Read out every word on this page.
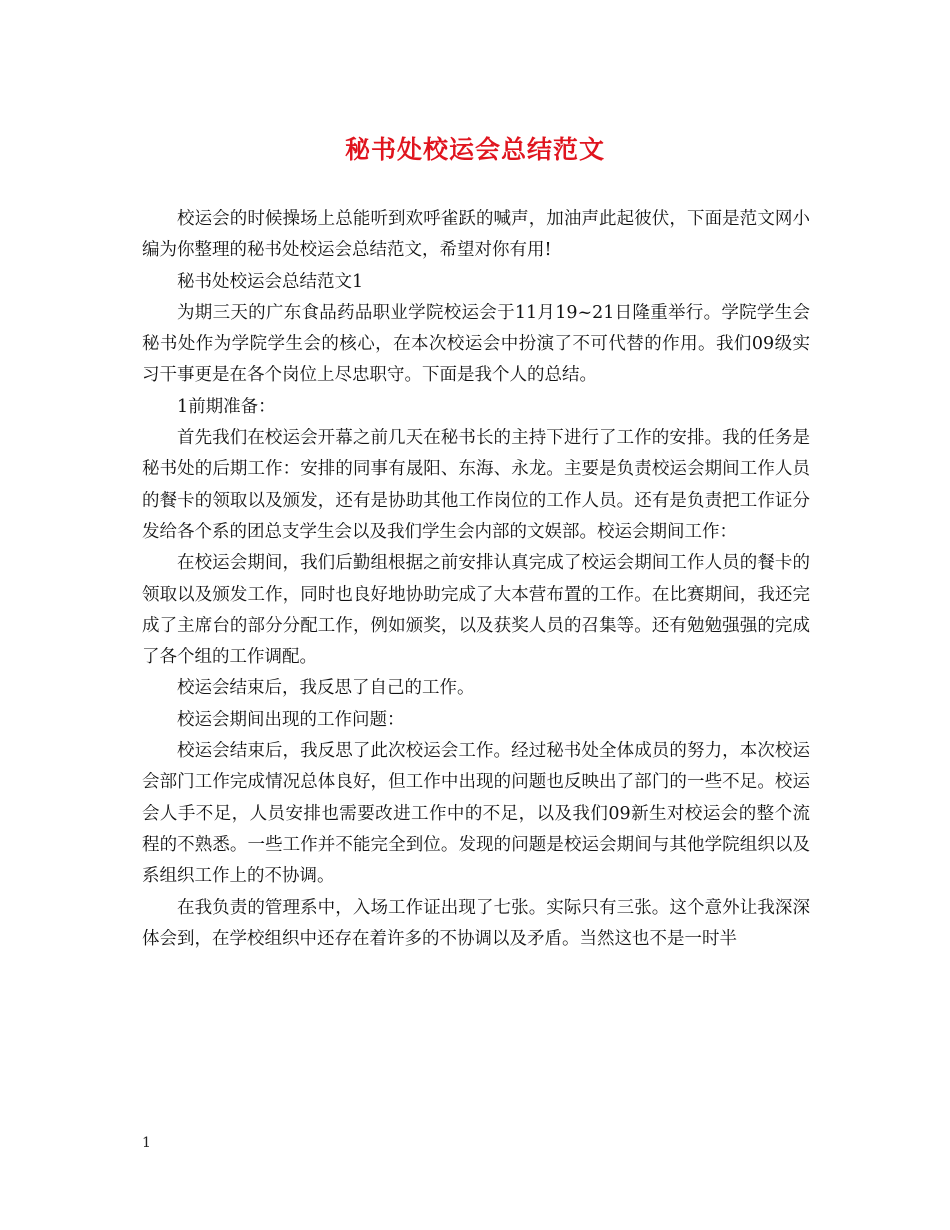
秘书处校运会总结范文

校运会的时候操场上总能听到欢呼雀跃的喊声，加油声此起彼伏，下面是范文网小编为你整理的秘书处校运会总结范文，希望对你有用!

秘书处校运会总结范文1

为期三天的广东食品药品职业学院校运会于11月19~21日隆重举行。学院学生会秘书处作为学院学生会的核心，在本次校运会中扮演了不可代替的作用。我们09级实习干事更是在各个岗位上尽忠职守。下面是我个人的总结。

1前期准备：

首先我们在校运会开幕之前几天在秘书长的主持下进行了工作的安排。我的任务是秘书处的后期工作：安排的同事有晟阳、东海、永龙。主要是负责校运会期间工作人员的餐卡的领取以及颁发，还有是协助其他工作岗位的工作人员。还有是负责把工作证分发给各个系的团总支学生会以及我们学生会内部的文娱部。校运会期间工作：

在校运会期间，我们后勤组根据之前安排认真完成了校运会期间工作人员的餐卡的领取以及颁发工作，同时也良好地协助完成了大本营布置的工作。在比赛期间，我还完成了主席台的部分分配工作，例如颁奖，以及获奖人员的召集等。还有勉勉强强的完成了各个组的工作调配。

校运会结束后，我反思了自己的工作。

校运会期间出现的工作问题：

校运会结束后，我反思了此次校运会工作。经过秘书处全体成员的努力，本次校运会部门工作完成情况总体良好，但工作中出现的问题也反映出了部门的一些不足。校运会人手不足，人员安排也需要改进工作中的不足，以及我们09新生对校运会的整个流程的不熟悉。一些工作并不能完全到位。发现的问题是校运会期间与其他学院组织以及系组织工作上的不协调。

在我负责的管理系中，入场工作证出现了七张。实际只有三张。这个意外让我深深体会到，在学校组织中还存在着许多的不协调以及矛盾。当然这也不是一时半

1
